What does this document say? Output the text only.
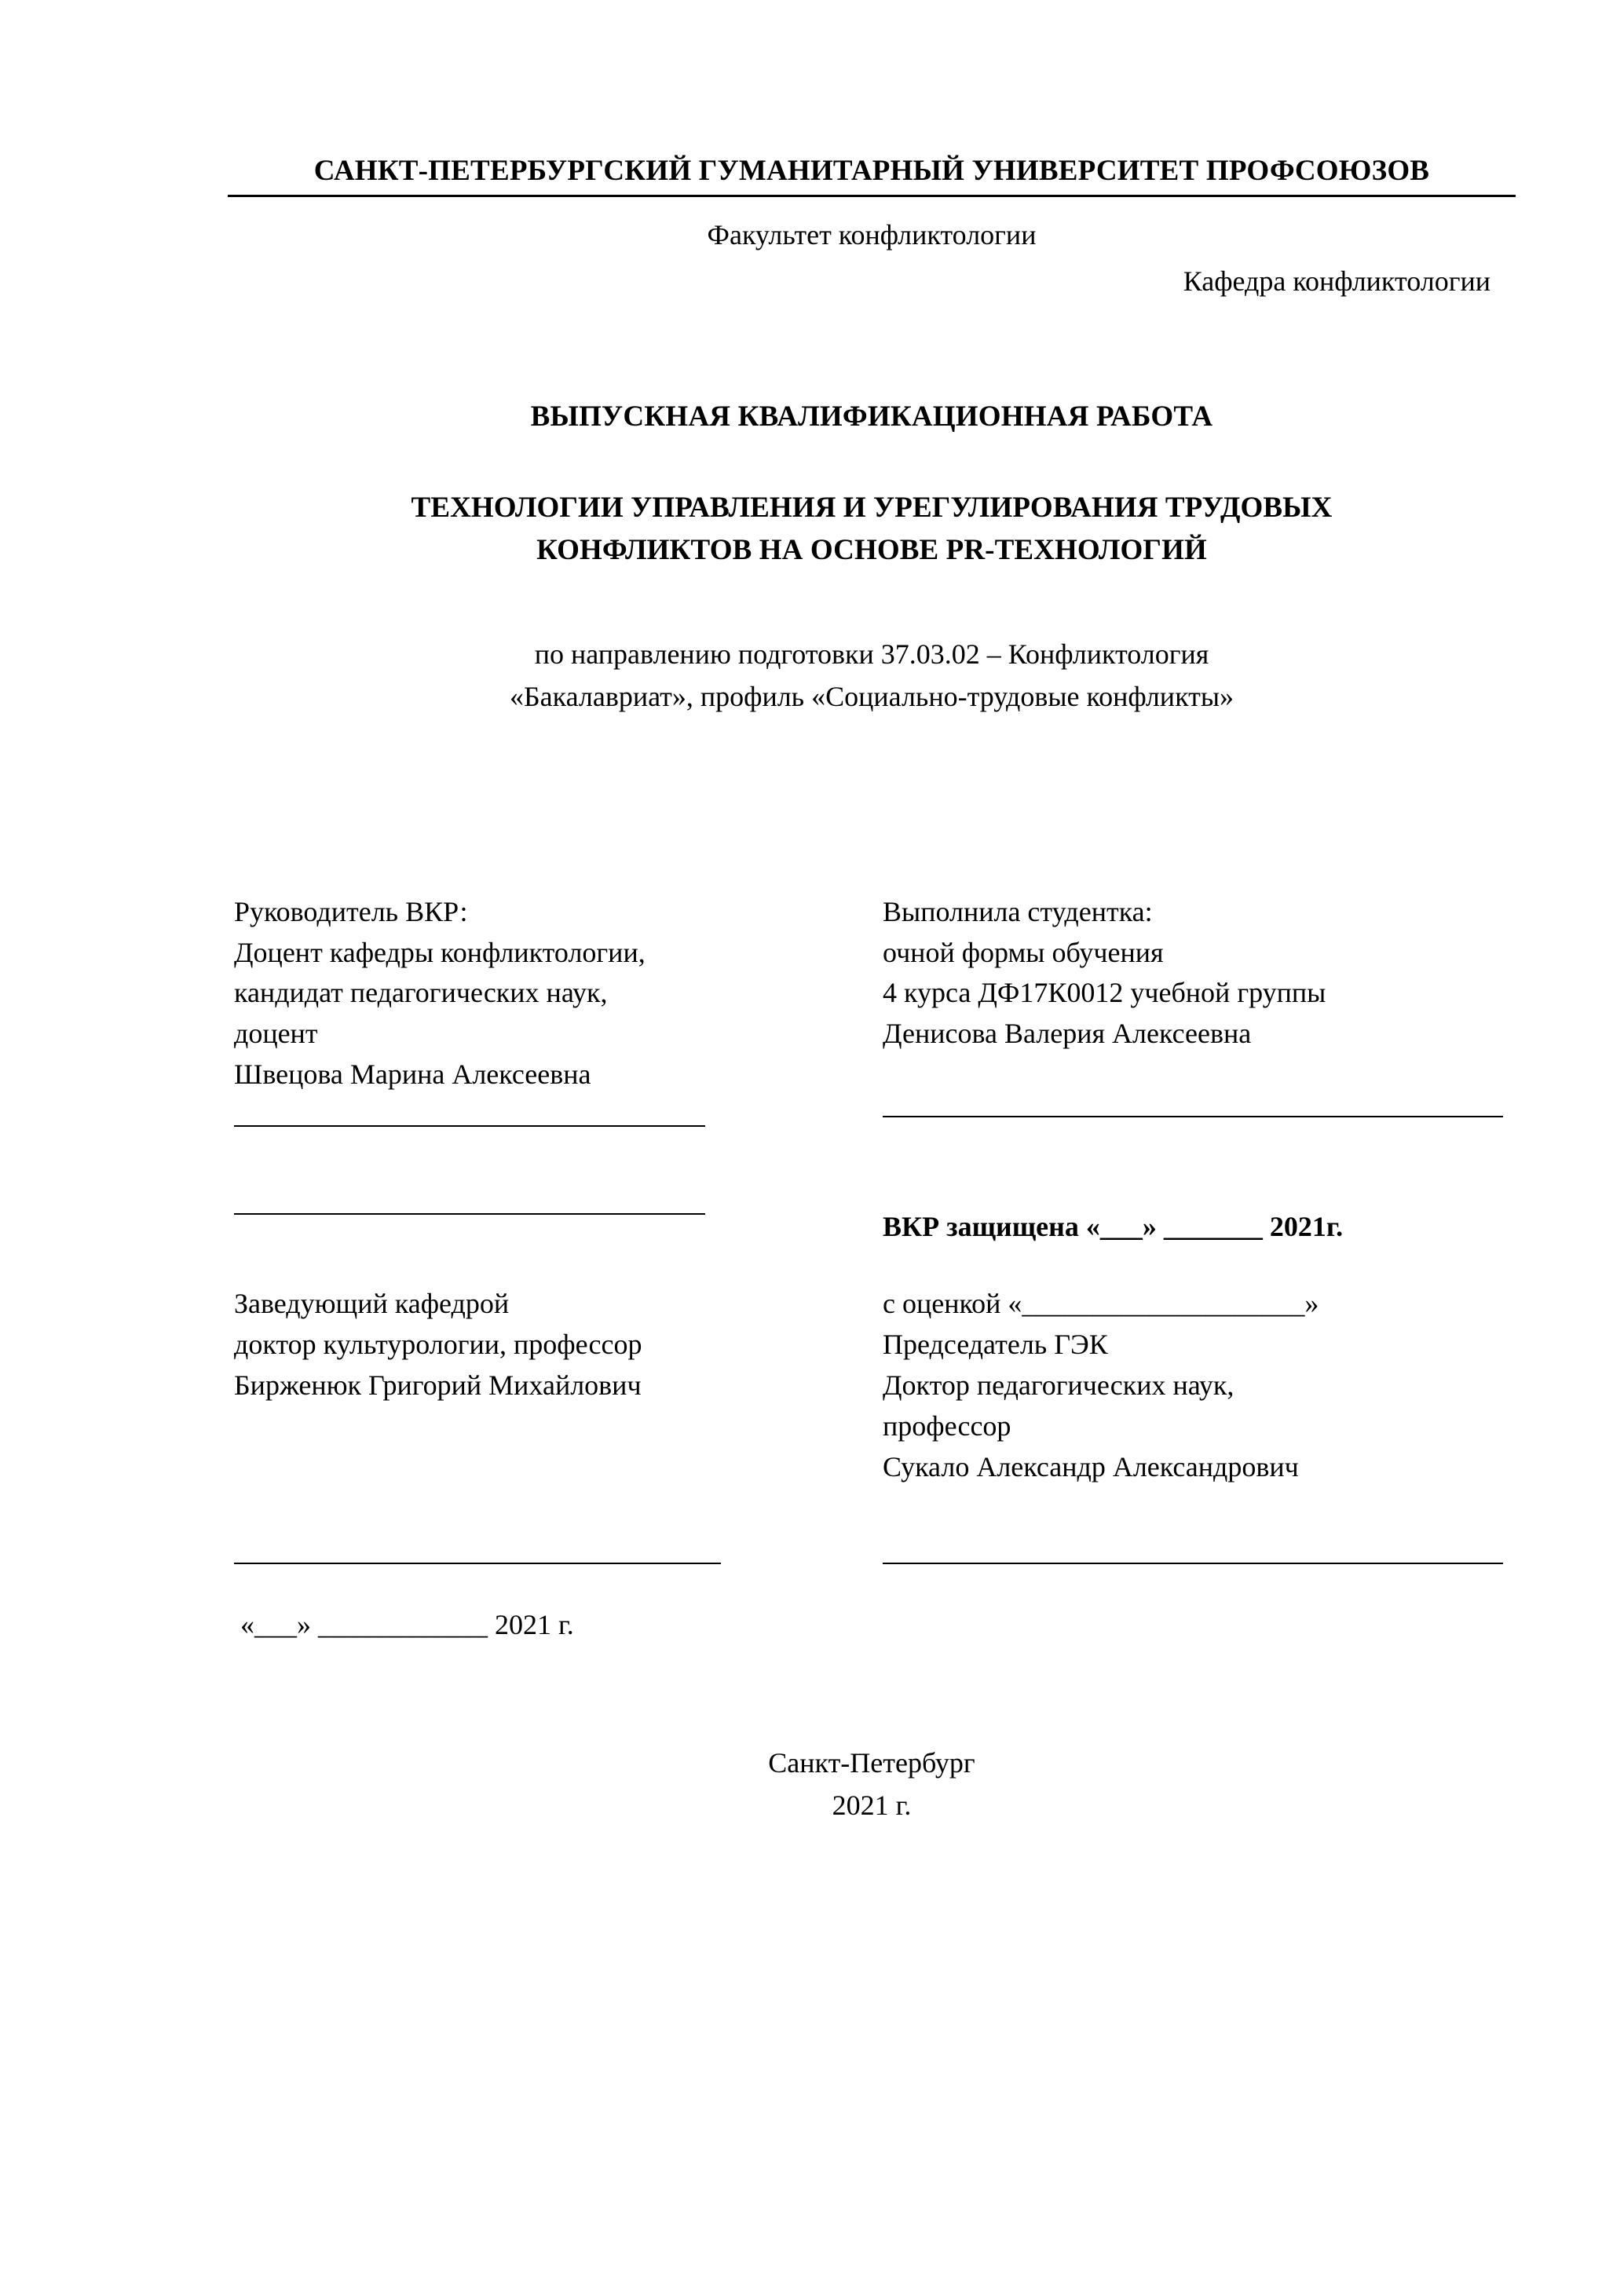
САНКТ-ПЕТЕРБУРГСКИЙ ГУМАНИТАРНЫЙ УНИВЕРСИТЕТ ПРОФСОЮЗОВ
Факультет конфликтологии
Кафедра конфликтологии
ВЫПУСКНАЯ КВАЛИФИКАЦИОННАЯ РАБОТА
ТЕХНОЛОГИИ УПРАВЛЕНИЯ И УРЕГУЛИРОВАНИЯ ТРУДОВЫХ
КОНФЛИКТОВ НА ОСНОВЕ PR-ТЕХНОЛОГИЙ
по направлению подготовки 37.03.02 – Конфликтология
«Бакалавриат», профиль «Социально-трудовые конфликты»
Руководитель ВКР:
Доцент кафедры конфликтологии,
кандидат педагогических наук,
доцент
Швецова Марина Алексеевна
Выполнила студентка:
очной формы обучения
4 курса ДФ17К0012 учебной группы
Денисова Валерия Алексеевна
ВКР защищена «___» _______ 2021г.
Заведующий кафедрой
доктор культурологии, профессор
Бирженюк Григорий Михайлович
с оценкой «____________________»
Председатель ГЭК
Доктор педагогических наук,
профессор
Сукало Александр Александрович
«___» ____________ 2021 г.
Санкт-Петербург
2021 г.
